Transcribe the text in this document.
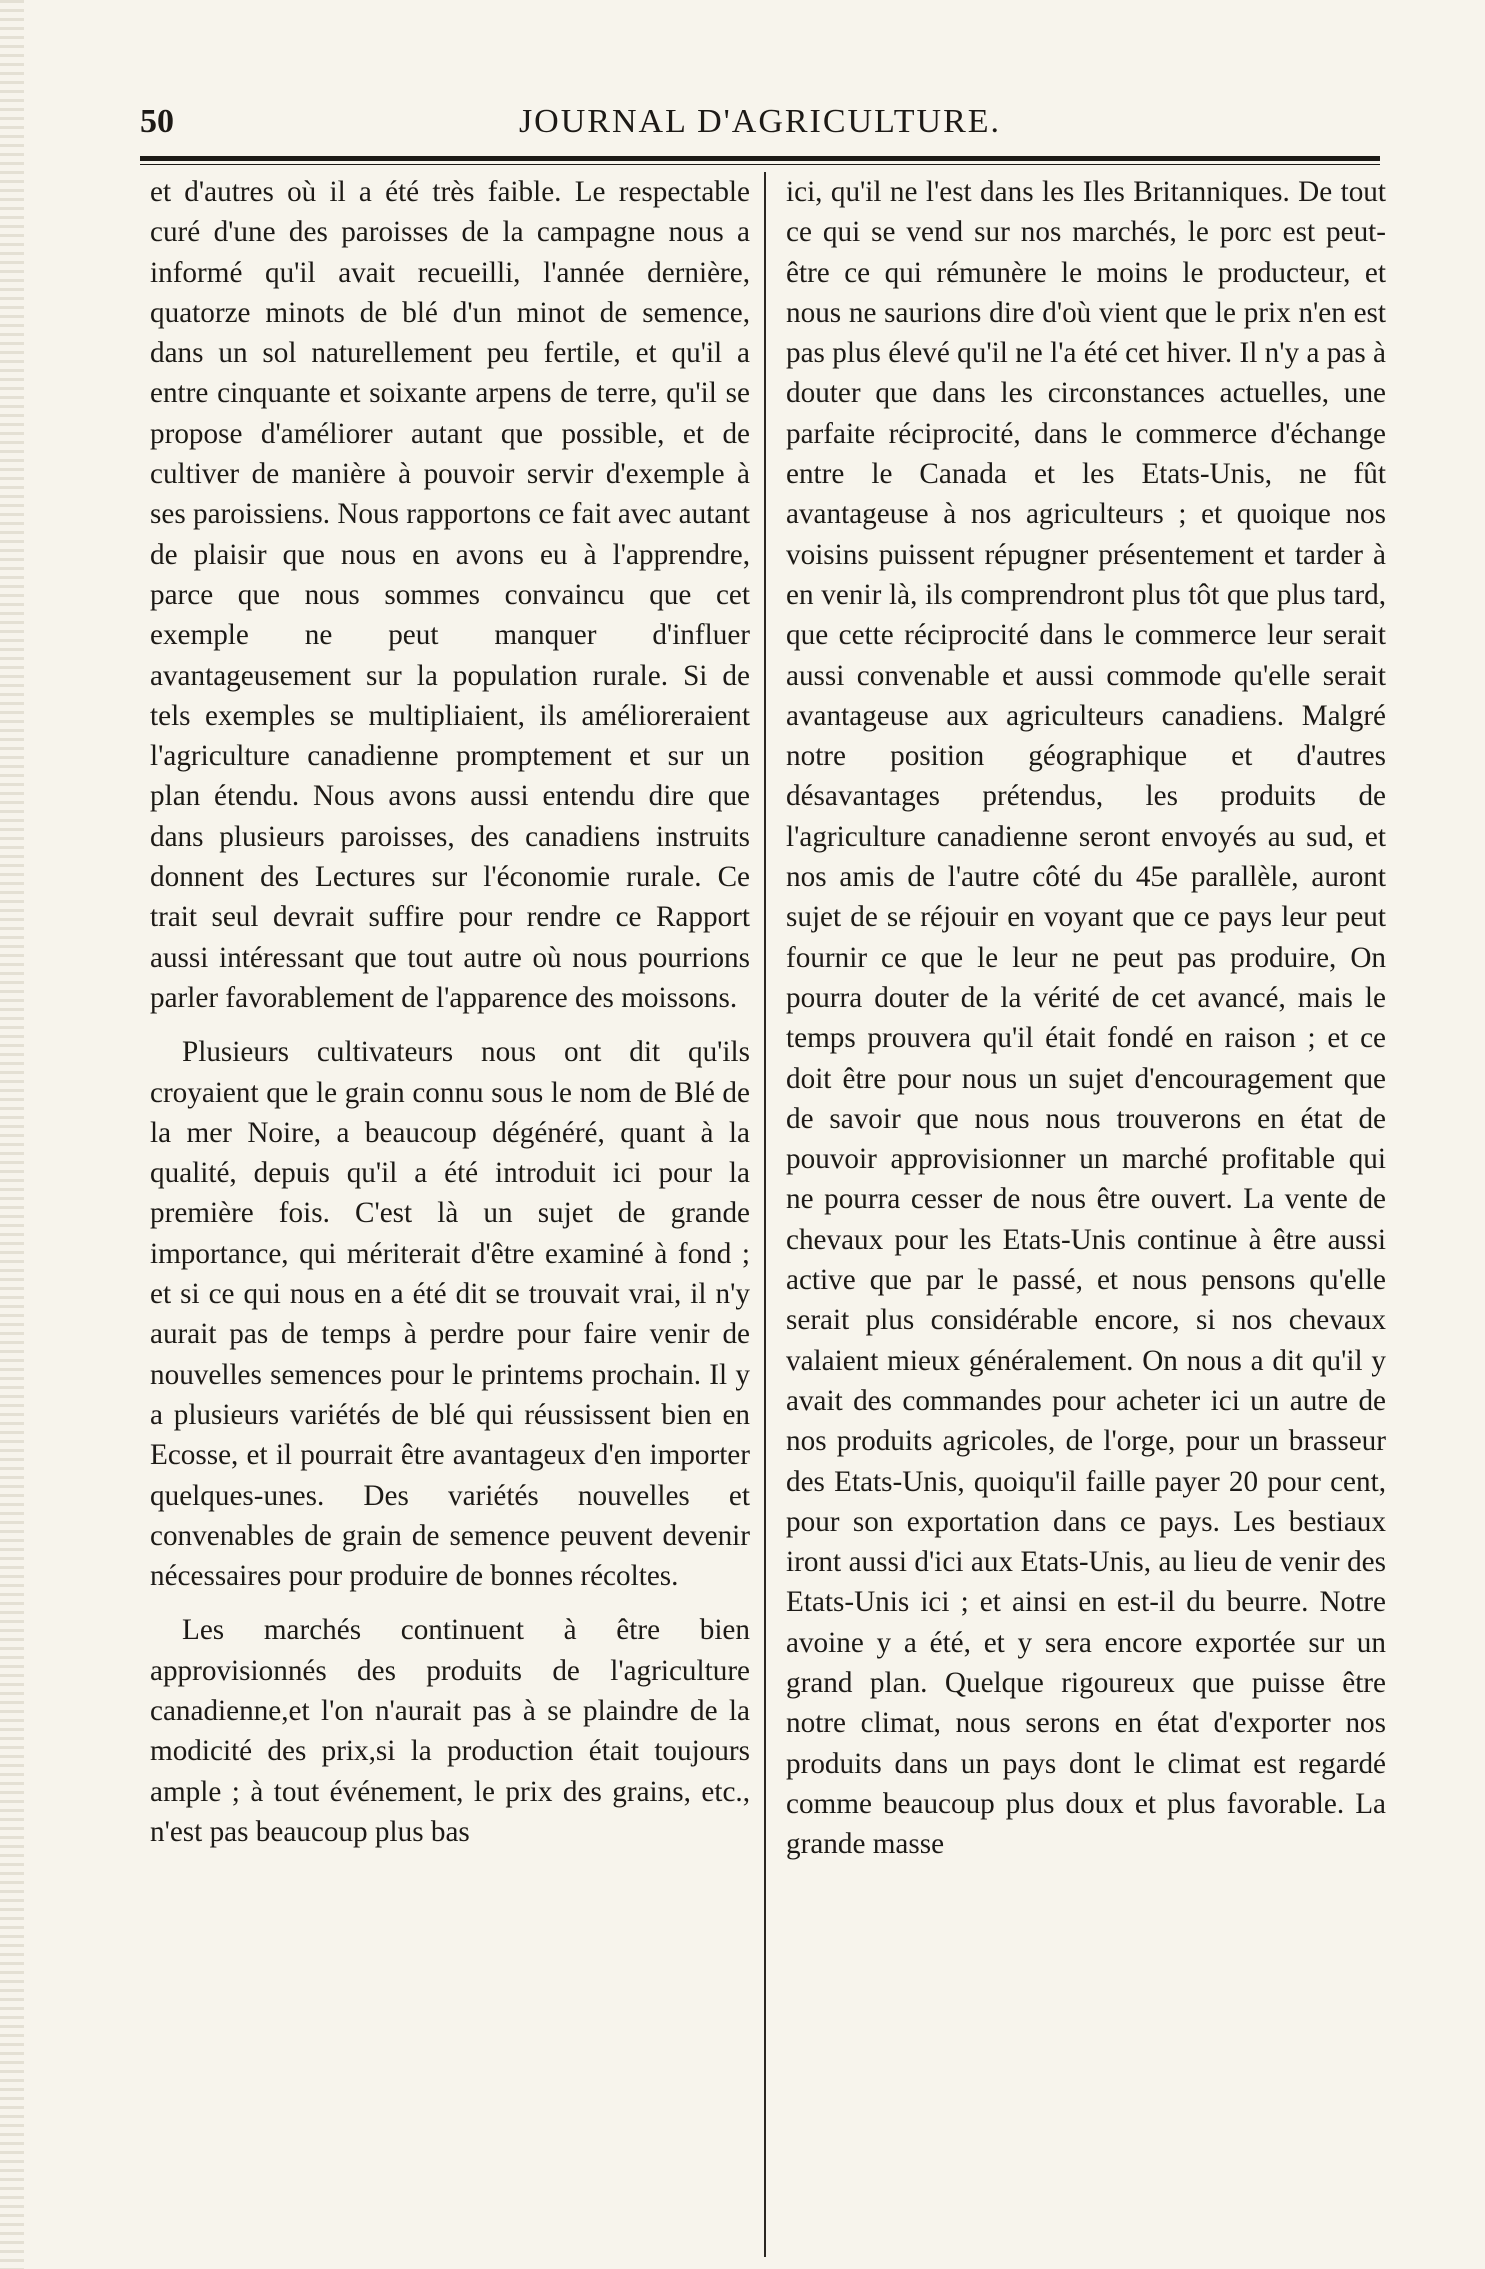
50	JOURNAL D'AGRICULTURE.

et d'autres où il a été très faible. Le respectable curé d'une des paroisses de la campagne nous a informé qu'il avait recueilli, l'année dernière, quatorze minots de blé d'un minot de semence, dans un sol naturellement peu fertile, et qu'il a entre cinquante et soixante arpens de terre, qu'il se propose d'améliorer autant que possible, et de cultiver de manière à pouvoir servir d'exemple à ses paroissiens. Nous rapportons ce fait avec autant de plaisir que nous en avons eu à l'apprendre, parce que nous sommes convaincu que cet exemple ne peut manquer d'influer avantageusement sur la population rurale. Si de tels exemples se multipliaient, ils amélioreraient l'agriculture canadienne promptement et sur un plan étendu. Nous avons aussi entendu dire que dans plusieurs paroisses, des canadiens instruits donnent des Lectures sur l'économie rurale. Ce trait seul devrait suffire pour rendre ce Rapport aussi intéressant que tout autre où nous pourrions parler favorablement de l'apparence des moissons.

Plusieurs cultivateurs nous ont dit qu'ils croyaient que le grain connu sous le nom de Blé de la mer Noire, a beaucoup dégénéré, quant à la qualité, depuis qu'il a été introduit ici pour la première fois. C'est là un sujet de grande importance, qui mériterait d'être examiné à fond ; et si ce qui nous en a été dit se trouvait vrai, il n'y aurait pas de temps à perdre pour faire venir de nouvelles semences pour le printems prochain. Il y a plusieurs variétés de blé qui réussissent bien en Ecosse, et il pourrait être avantageux d'en importer quelques-unes. Des variétés nouvelles et convenables de grain de semence peuvent devenir nécessaires pour produire de bonnes récoltes.

Les marchés continuent à être bien approvisionnés des produits de l'agriculture canadienne,et l'on n'aurait pas à se plaindre de la modicité des prix,si la production était toujours ample ; à tout événement, le prix des grains, etc., n'est pas beaucoup plus bas

ici, qu'il ne l'est dans les Iles Britanniques. De tout ce qui se vend sur nos marchés, le porc est peut-être ce qui rémunère le moins le producteur, et nous ne saurions dire d'où vient que le prix n'en est pas plus élevé qu'il ne l'a été cet hiver. Il n'y a pas à douter que dans les circonstances actuelles, une parfaite réciprocité, dans le commerce d'échange entre le Canada et les Etats-Unis, ne fût avantageuse à nos agriculteurs ; et quoique nos voisins puissent répugner présentement et tarder à en venir là, ils comprendront plus tôt que plus tard, que cette réciprocité dans le commerce leur serait aussi convenable et aussi commode qu'elle serait avantageuse aux agriculteurs canadiens. Malgré notre position géographique et d'autres désavantages prétendus, les produits de l'agriculture canadienne seront envoyés au sud, et nos amis de l'autre côté du 45e parallèle, auront sujet de se réjouir en voyant que ce pays leur peut fournir ce que le leur ne peut pas produire, On pourra douter de la vérité de cet avancé, mais le temps prouvera qu'il était fondé en raison ; et ce doit être pour nous un sujet d'encouragement que de savoir que nous nous trouverons en état de pouvoir approvisionner un marché profitable qui ne pourra cesser de nous être ouvert. La vente de chevaux pour les Etats-Unis continue à être aussi active que par le passé, et nous pensons qu'elle serait plus considérable encore, si nos chevaux valaient mieux généralement. On nous a dit qu'il y avait des commandes pour acheter ici un autre de nos produits agricoles, de l'orge, pour un brasseur des Etats-Unis, quoiqu'il faille payer 20 pour cent, pour son exportation dans ce pays. Les bestiaux iront aussi d'ici aux Etats-Unis, au lieu de venir des Etats-Unis ici ; et ainsi en est-il du beurre. Notre avoine y a été, et y sera encore exportée sur un grand plan. Quelque rigoureux que puisse être notre climat, nous serons en état d'exporter nos produits dans un pays dont le climat est regardé comme beaucoup plus doux et plus favorable. La grande masse
